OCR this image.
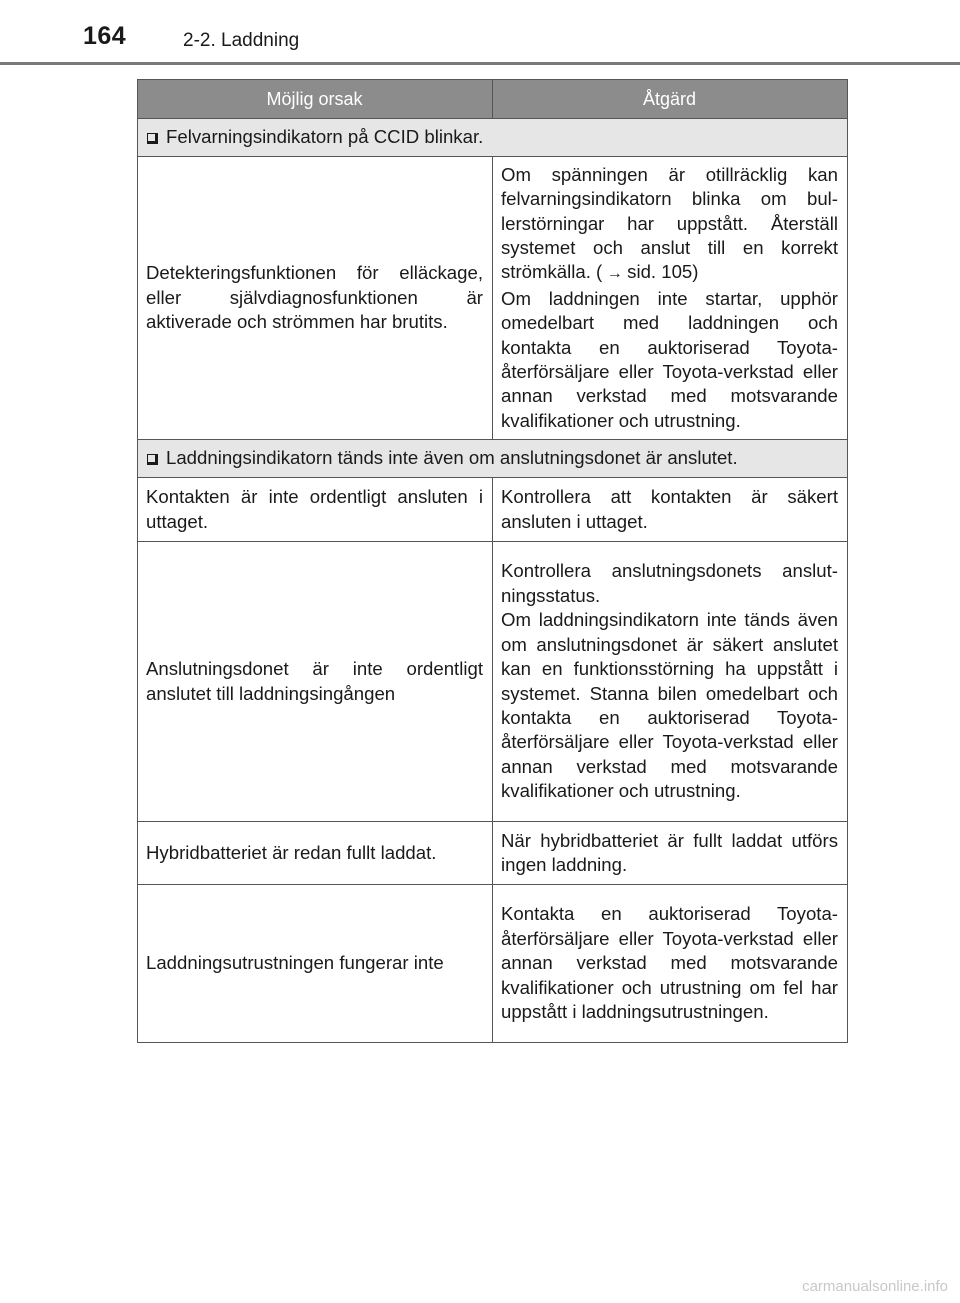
164	2-2. Laddning
Möjlig orsak	Åtgärd
Felvarningsindikatorn på CCID blinkar.	
Detekteringsfunktionen för elläckage, eller självdiagnosfunktionen är aktiverade och strömmen har brutits.	Om spänningen är otillräcklig kan felvarningsindikatorn blinka om bullerstörningar har uppstått. Återställ systemet och anslut till en korrekt strömkälla. ( → sid. 105)
Om laddningen inte startar, upphör omedelbart med laddningen och kontakta en auktoriserad Toyota-återförsäljare eller Toyota-verkstad eller annan verkstad med motsvarande kvalifikationer och utrustning.

Laddningsindikatorn tänds inte även om anslutningsdonet är anslutet.	
Kontakten är inte ordentligt ansluten i uttaget.	Kontrollera att kontakten är säkert ansluten i uttaget.
Anslutningsdonet är inte ordentligt anslutet till laddningsingången	Kontrollera anslutningsdonets anslutningsstatus.
Om laddningsindikatorn inte tänds även om anslutningsdonet är säkert anslutet kan en funktionsstörning ha uppstått i systemet. Stanna bilen omedelbart och kontakta en auktoriserad Toyota-återförsäljare eller Toyota-verkstad eller annan verkstad med motsvarande kvalifikationer och utrustning.

Hybridbatteriet är redan fullt laddat.	När hybridbatteriet är fullt laddat utförs ingen laddning.
Laddningsutrustningen fungerar inte	Kontakta en auktoriserad Toyota-återförsäljare eller Toyota-verkstad eller annan verkstad med motsvarande kvalifikationer och utrustning om fel har uppstått i laddningsutrustningen.
carmanualsonline.info
